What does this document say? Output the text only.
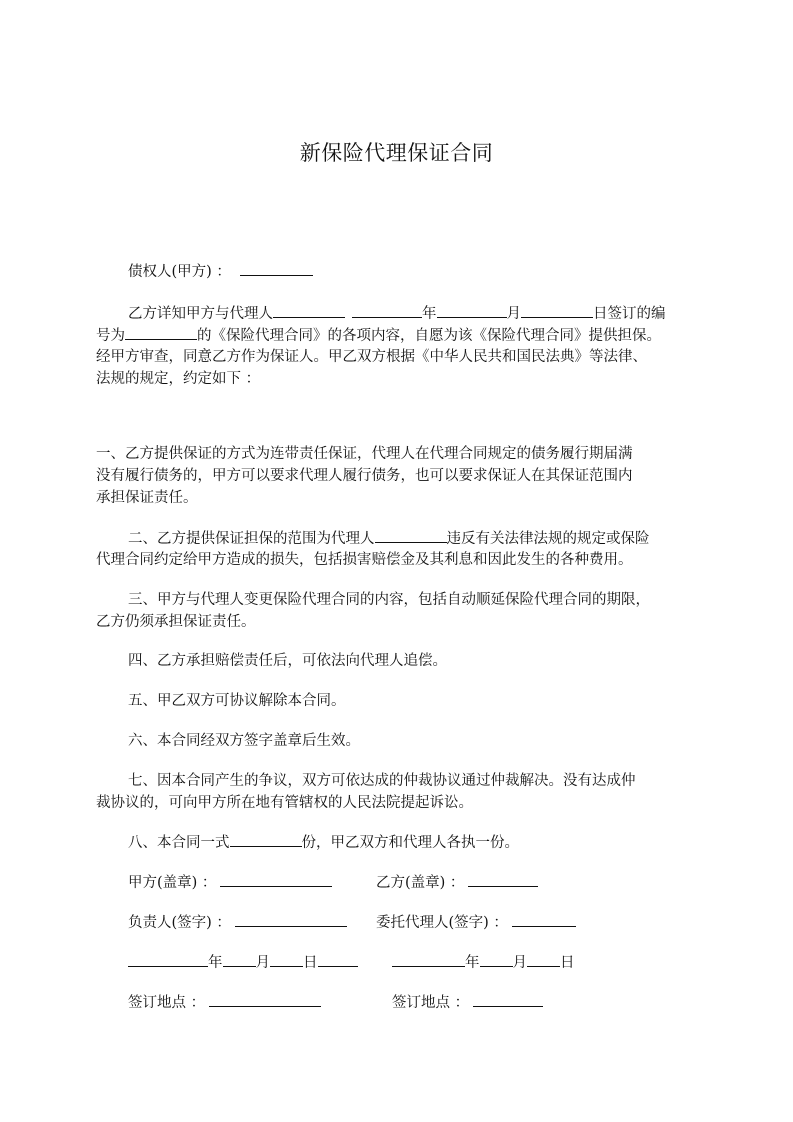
新保险代理保证合同
债权人(甲方) ：
乙方详知甲方与代理人	年	月	日签订的编
号为	的《保险代理合同》的各项内容，自愿为该《保险代理合同》提供担保。
经甲方审查，同意乙方作为保证人。甲乙双方根据《中华人民共和国民法典》等法律、
法规的规定，约定如下 ：
一、乙方提供保证的方式为连带责任保证，代理人在代理合同规定的债务履行期届满
没有履行债务的，甲方可以要求代理人履行债务，也可以要求保证人在其保证范围内
承担保证责任。
二、乙方提供保证担保的范围为代理人	违反有关法律法规的规定或保险
代理合同约定给甲方造成的损失，包括损害赔偿金及其利息和因此发生的各种费用。
三、甲方与代理人变更保险代理合同的内容，包括自动顺延保险代理合同的期限，
乙方仍须承担保证责任。
四、乙方承担赔偿责任后，可依法向代理人追偿。
五、甲乙双方可协议解除本合同。
六、本合同经双方签字盖章后生效。
七、因本合同产生的争议，双方可依达成的仲裁协议通过仲裁解决。没有达成仲
裁协议的，可向甲方所在地有管辖权的人民法院提起诉讼。
八、本合同一式	份，甲乙双方和代理人各执一份。
甲方(盖章) ：	乙方(盖章) ：
负责人(签字) ：	委托代理人(签字) ：
年 月 日	年 月 日
签订地点 ：	签订地点 ：
